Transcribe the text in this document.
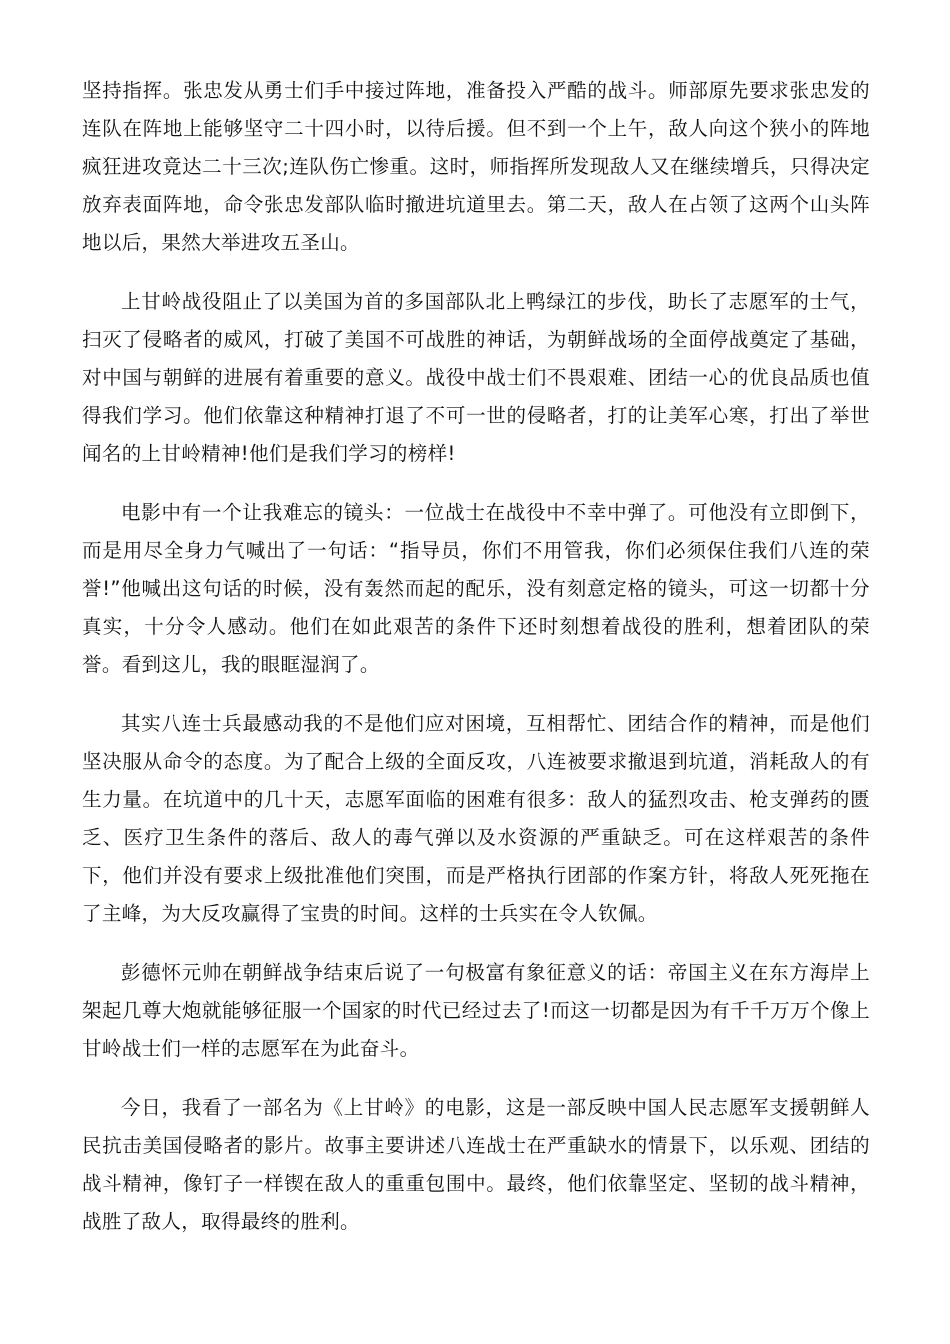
坚持指挥。张忠发从勇士们手中接过阵地，准备投入严酷的战斗。师部原先要求张忠发的连队在阵地上能够坚守二十四小时，以待后援。但不到一个上午，敌人向这个狭小的阵地疯狂进攻竟达二十三次;连队伤亡惨重。这时，师指挥所发现敌人又在继续增兵，只得决定放弃表面阵地，命令张忠发部队临时撤进坑道里去。第二天，敌人在占领了这两个山头阵地以后，果然大举进攻五圣山。

上甘岭战役阻止了以美国为首的多国部队北上鸭绿江的步伐，助长了志愿军的士气，扫灭了侵略者的威风，打破了美国不可战胜的神话，为朝鲜战场的全面停战奠定了基础，对中国与朝鲜的进展有着重要的意义。战役中战士们不畏艰难、团结一心的优良品质也值得我们学习。他们依靠这种精神打退了不可一世的侵略者，打的让美军心寒，打出了举世闻名的上甘岭精神!他们是我们学习的榜样!

电影中有一个让我难忘的镜头：一位战士在战役中不幸中弹了。可他没有立即倒下，而是用尽全身力气喊出了一句话：“指导员，你们不用管我，你们必须保住我们八连的荣誉!”他喊出这句话的时候，没有轰然而起的配乐，没有刻意定格的镜头，可这一切都十分真实，十分令人感动。他们在如此艰苦的条件下还时刻想着战役的胜利，想着团队的荣誉。看到这儿，我的眼眶湿润了。

其实八连士兵最感动我的不是他们应对困境，互相帮忙、团结合作的精神，而是他们坚决服从命令的态度。为了配合上级的全面反攻，八连被要求撤退到坑道，消耗敌人的有生力量。在坑道中的几十天，志愿军面临的困难有很多：敌人的猛烈攻击、枪支弹药的匮乏、医疗卫生条件的落后、敌人的毒气弹以及水资源的严重缺乏。可在这样艰苦的条件下，他们并没有要求上级批准他们突围，而是严格执行团部的作案方针，将敌人死死拖在了主峰，为大反攻赢得了宝贵的时间。这样的士兵实在令人钦佩。

彭德怀元帅在朝鲜战争结束后说了一句极富有象征意义的话：帝国主义在东方海岸上架起几尊大炮就能够征服一个国家的时代已经过去了!而这一切都是因为有千千万万个像上甘岭战士们一样的志愿军在为此奋斗。

今日，我看了一部名为《上甘岭》的电影，这是一部反映中国人民志愿军支援朝鲜人民抗击美国侵略者的影片。故事主要讲述八连战士在严重缺水的情景下，以乐观、团结的战斗精神，像钉子一样锲在敌人的重重包围中。最终，他们依靠坚定、坚韧的战斗精神，战胜了敌人，取得最终的胜利。
